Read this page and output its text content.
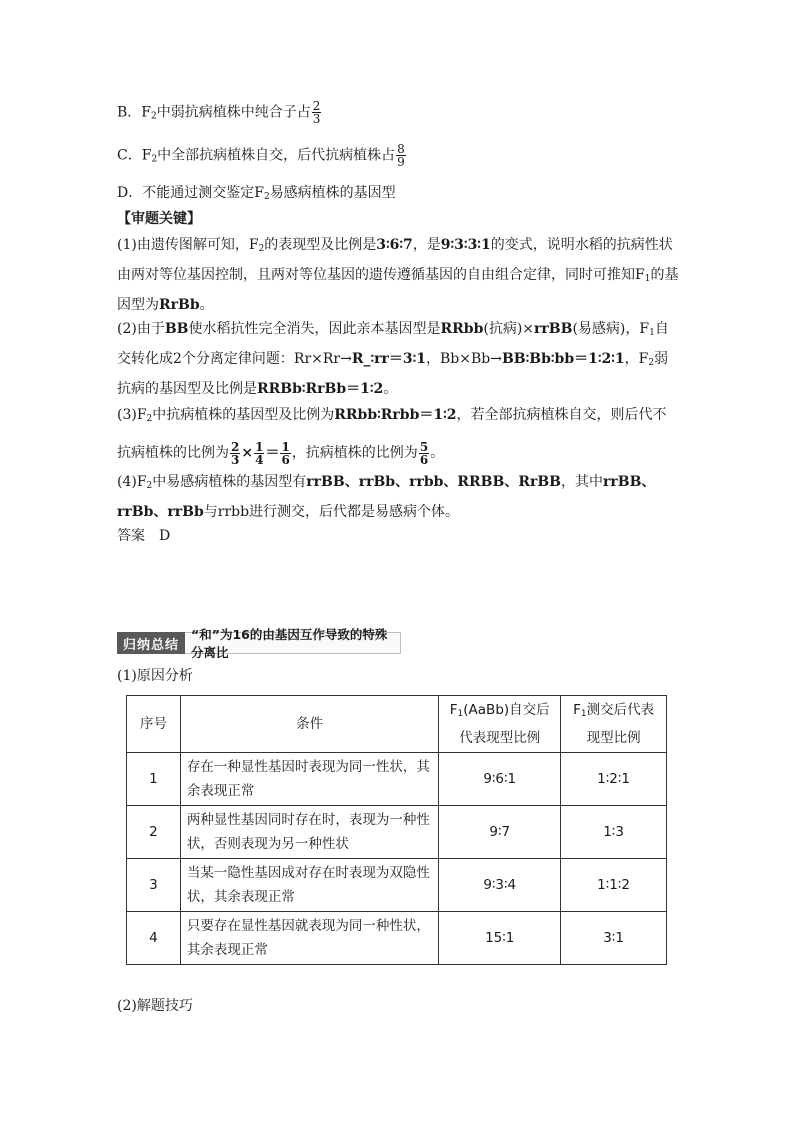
B．$F_2$中弱抗病植株中纯合子占 $\frac{2}{3}$
C．$F_2$中全部抗病植株自交，后代抗病植株占 $\frac{8}{9}$
D．不能通过测交鉴定$F_2$易感病植株的基因型
【审题关键】
(1)由遗传图解可知，$F_2$的表现型及比例是3∶6∶7，是9∶3∶3∶1的变式，说明水稻的抗病性状由两对等位基因控制，且两对等位基因的遗传遵循基因的自由组合定律，同时可推知$F_1$的基因型为RrBb。
(2)由于BB使水稻抗性完全消失，因此亲本基因型是RRbb(抗病)×rrBB(易感病)，$F_1$自交转化成2个分离定律问题：Rr×Rr→R_∶rr＝3∶1，Bb×Bb→BB∶Bb∶bb＝1∶2∶1，$F_2$弱抗病的基因型及比例是RRBb∶RrBb＝1∶2。
$(3)F_2$中抗病植株的基因型及比例为RRbb∶Rrbb＝1∶2，若全部抗病植株自交，则后代不抗病植株的比例为 $\frac{2}{3} \times \frac{1}{4} = \frac{1}{6}$ ，抗病植株的比例为 $\frac{5}{6}$ 。
$(4)F_2$中易感病植株的基因型有rrBB、rrBb、rrbb、RRBB、RrBB，其中rrBB、rrBb、rrBb与rrbb进行测交，后代都是易感病个体。
答案　D
归纳总结
“和”为16的由基因互作导致的特殊分离比
(1)原因分析
序号	条件	$F_1(AaBb)$自交后代表现型比例	$F_1$测交后代表现型比例
1	存在一种显性基因时表现为同一性状，其余表现正常	9∶6∶1	1∶2∶1
2	两种显性基因同时存在时，表现为一种性状，否则表现为另一种性状	9∶7	1∶3
3	当某一隐性基因成对存在时表现为双隐性状，其余表现正常	9∶3∶4	1∶1∶2
4	只要存在显性基因就表现为同一种性状，其余表现正常	15∶1	3∶1
(2)解题技巧
